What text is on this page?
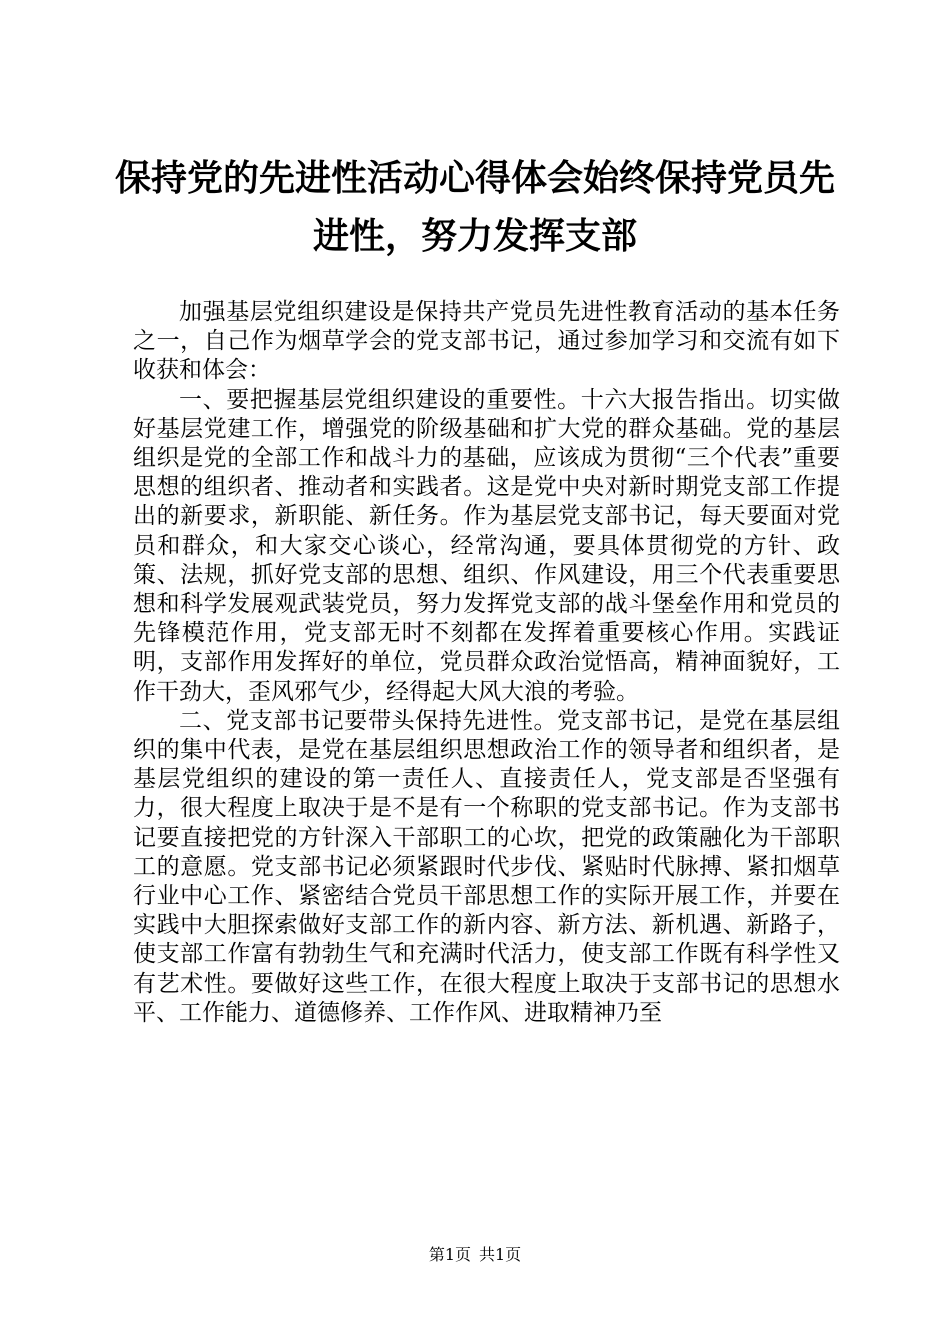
保持党的先进性活动心得体会始终保持党员先进性，努力发挥支部

加强基层党组织建设是保持共产党员先进性教育活动的基本任务之一，自己作为烟草学会的党支部书记，通过参加学习和交流有如下收获和体会：

一、要把握基层党组织建设的重要性。十六大报告指出。切实做好基层党建工作，增强党的阶级基础和扩大党的群众基础。党的基层组织是党的全部工作和战斗力的基础，应该成为贯彻“三个代表”重要思想的组织者、推动者和实践者。这是党中央对新时期党支部工作提出的新要求，新职能、新任务。作为基层党支部书记，每天要面对党员和群众，和大家交心谈心，经常沟通，要具体贯彻党的方针、政策、法规，抓好党支部的思想、组织、作风建设，用三个代表重要思想和科学发展观武装党员，努力发挥党支部的战斗堡垒作用和党员的先锋模范作用，党支部无时不刻都在发挥着重要核心作用。实践证明，支部作用发挥好的单位，党员群众政治觉悟高，精神面貌好，工作干劲大，歪风邪气少，经得起大风大浪的考验。

二、党支部书记要带头保持先进性。党支部书记，是党在基层组织的集中代表，是党在基层组织思想政治工作的领导者和组织者，是基层党组织的建设的第一责任人、直接责任人，党支部是否坚强有力，很大程度上取决于是不是有一个称职的党支部书记。作为支部书记要直接把党的方针深入干部职工的心坎，把党的政策融化为干部职工的意愿。党支部书记必须紧跟时代步伐、紧贴时代脉搏、紧扣烟草行业中心工作、紧密结合党员干部思想工作的实际开展工作，并要在实践中大胆探索做好支部工作的新内容、新方法、新机遇、新路子，使支部工作富有勃勃生气和充满时代活力，使支部工作既有科学性又有艺术性。要做好这些工作，在很大程度上取决于支部书记的思想水平、工作能力、道德修养、工作作风、进取精神乃至

第1页 共1页
